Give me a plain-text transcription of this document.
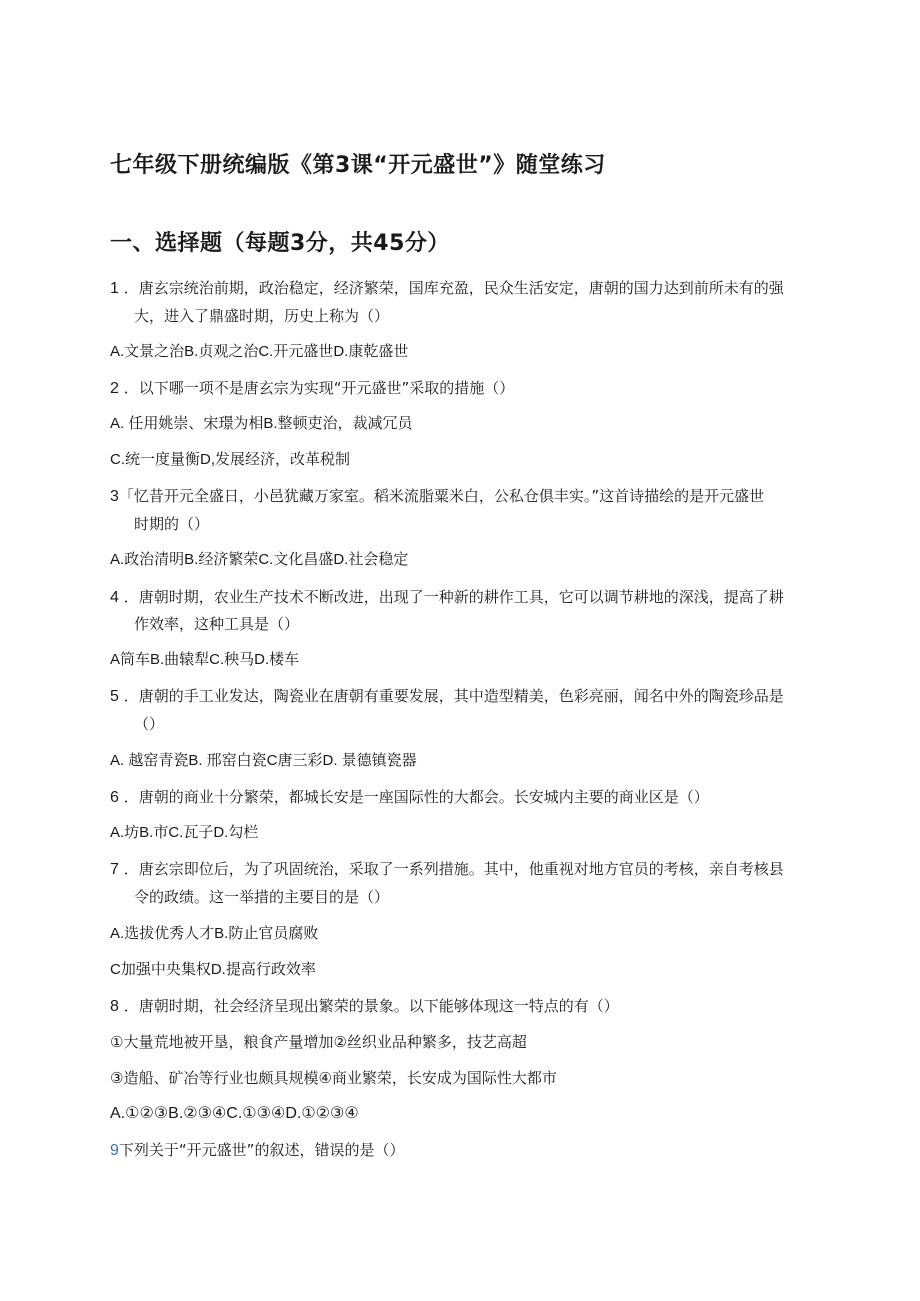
七年级下册统编版《第3课“开元盛世”》随堂练习
一、选择题（每题3分，共45分）
1 ．唐玄宗统治前期，政治稳定，经济繁荣，国库充盈，民众生活安定，唐朝的国力达到前所未有的强
大，进入了鼎盛时期，历史上称为（）
A.文景之治B.贞观之治C.开元盛世D.康乾盛世
2 ．以下哪一项不是唐玄宗为实现“开元盛世”采取的措施（）
A. 任用姚崇、宋璟为相B.整顿吏治，裁减冗员
C.统一度量衡D,发展经济，改革税制
3「忆昔开元全盛日，小邑犹藏万家室。稻米流脂粟米白，公私仓俱丰实。”这首诗描绘的是开元盛世
时期的（）
A.政治清明B.经济繁荣C.文化昌盛D.社会稳定
4 ．唐朝时期，农业生产技术不断改进，出现了一种新的耕作工具，它可以调节耕地的深浅，提高了耕
作效率，这种工具是（）
A筒车B.曲辕犁C.秧马D.楼车
5 ．唐朝的手工业发达，陶瓷业在唐朝有重要发展，其中造型精美，色彩亮丽，闻名中外的陶瓷珍品是
（）
A. 越窑青瓷B. 邢窑白瓷C唐三彩D. 景德镇瓷器
6 ．唐朝的商业十分繁荣，都城长安是一座国际性的大都会。长安城内主要的商业区是（）
A.坊B.市C.瓦子D.勾栏
7 ．唐玄宗即位后，为了巩固统治，采取了一系列措施。其中，他重视对地方官员的考核，亲自考核县
令的政绩。这一举措的主要目的是（）
A.选拔优秀人才B.防止官员腐败
C加强中央集权D.提高行政效率
8 ．唐朝时期，社会经济呈现出繁荣的景象。以下能够体现这一特点的有（）
①大量荒地被开垦，粮食产量增加②丝织业品种繁多，技艺高超
③造船、矿冶等行业也颇具规模④商业繁荣，长安成为国际性大都市
A.①②③B.②③④C.①③④D.①②③④
9下列关于“开元盛世”的叙述，错误的是（）
